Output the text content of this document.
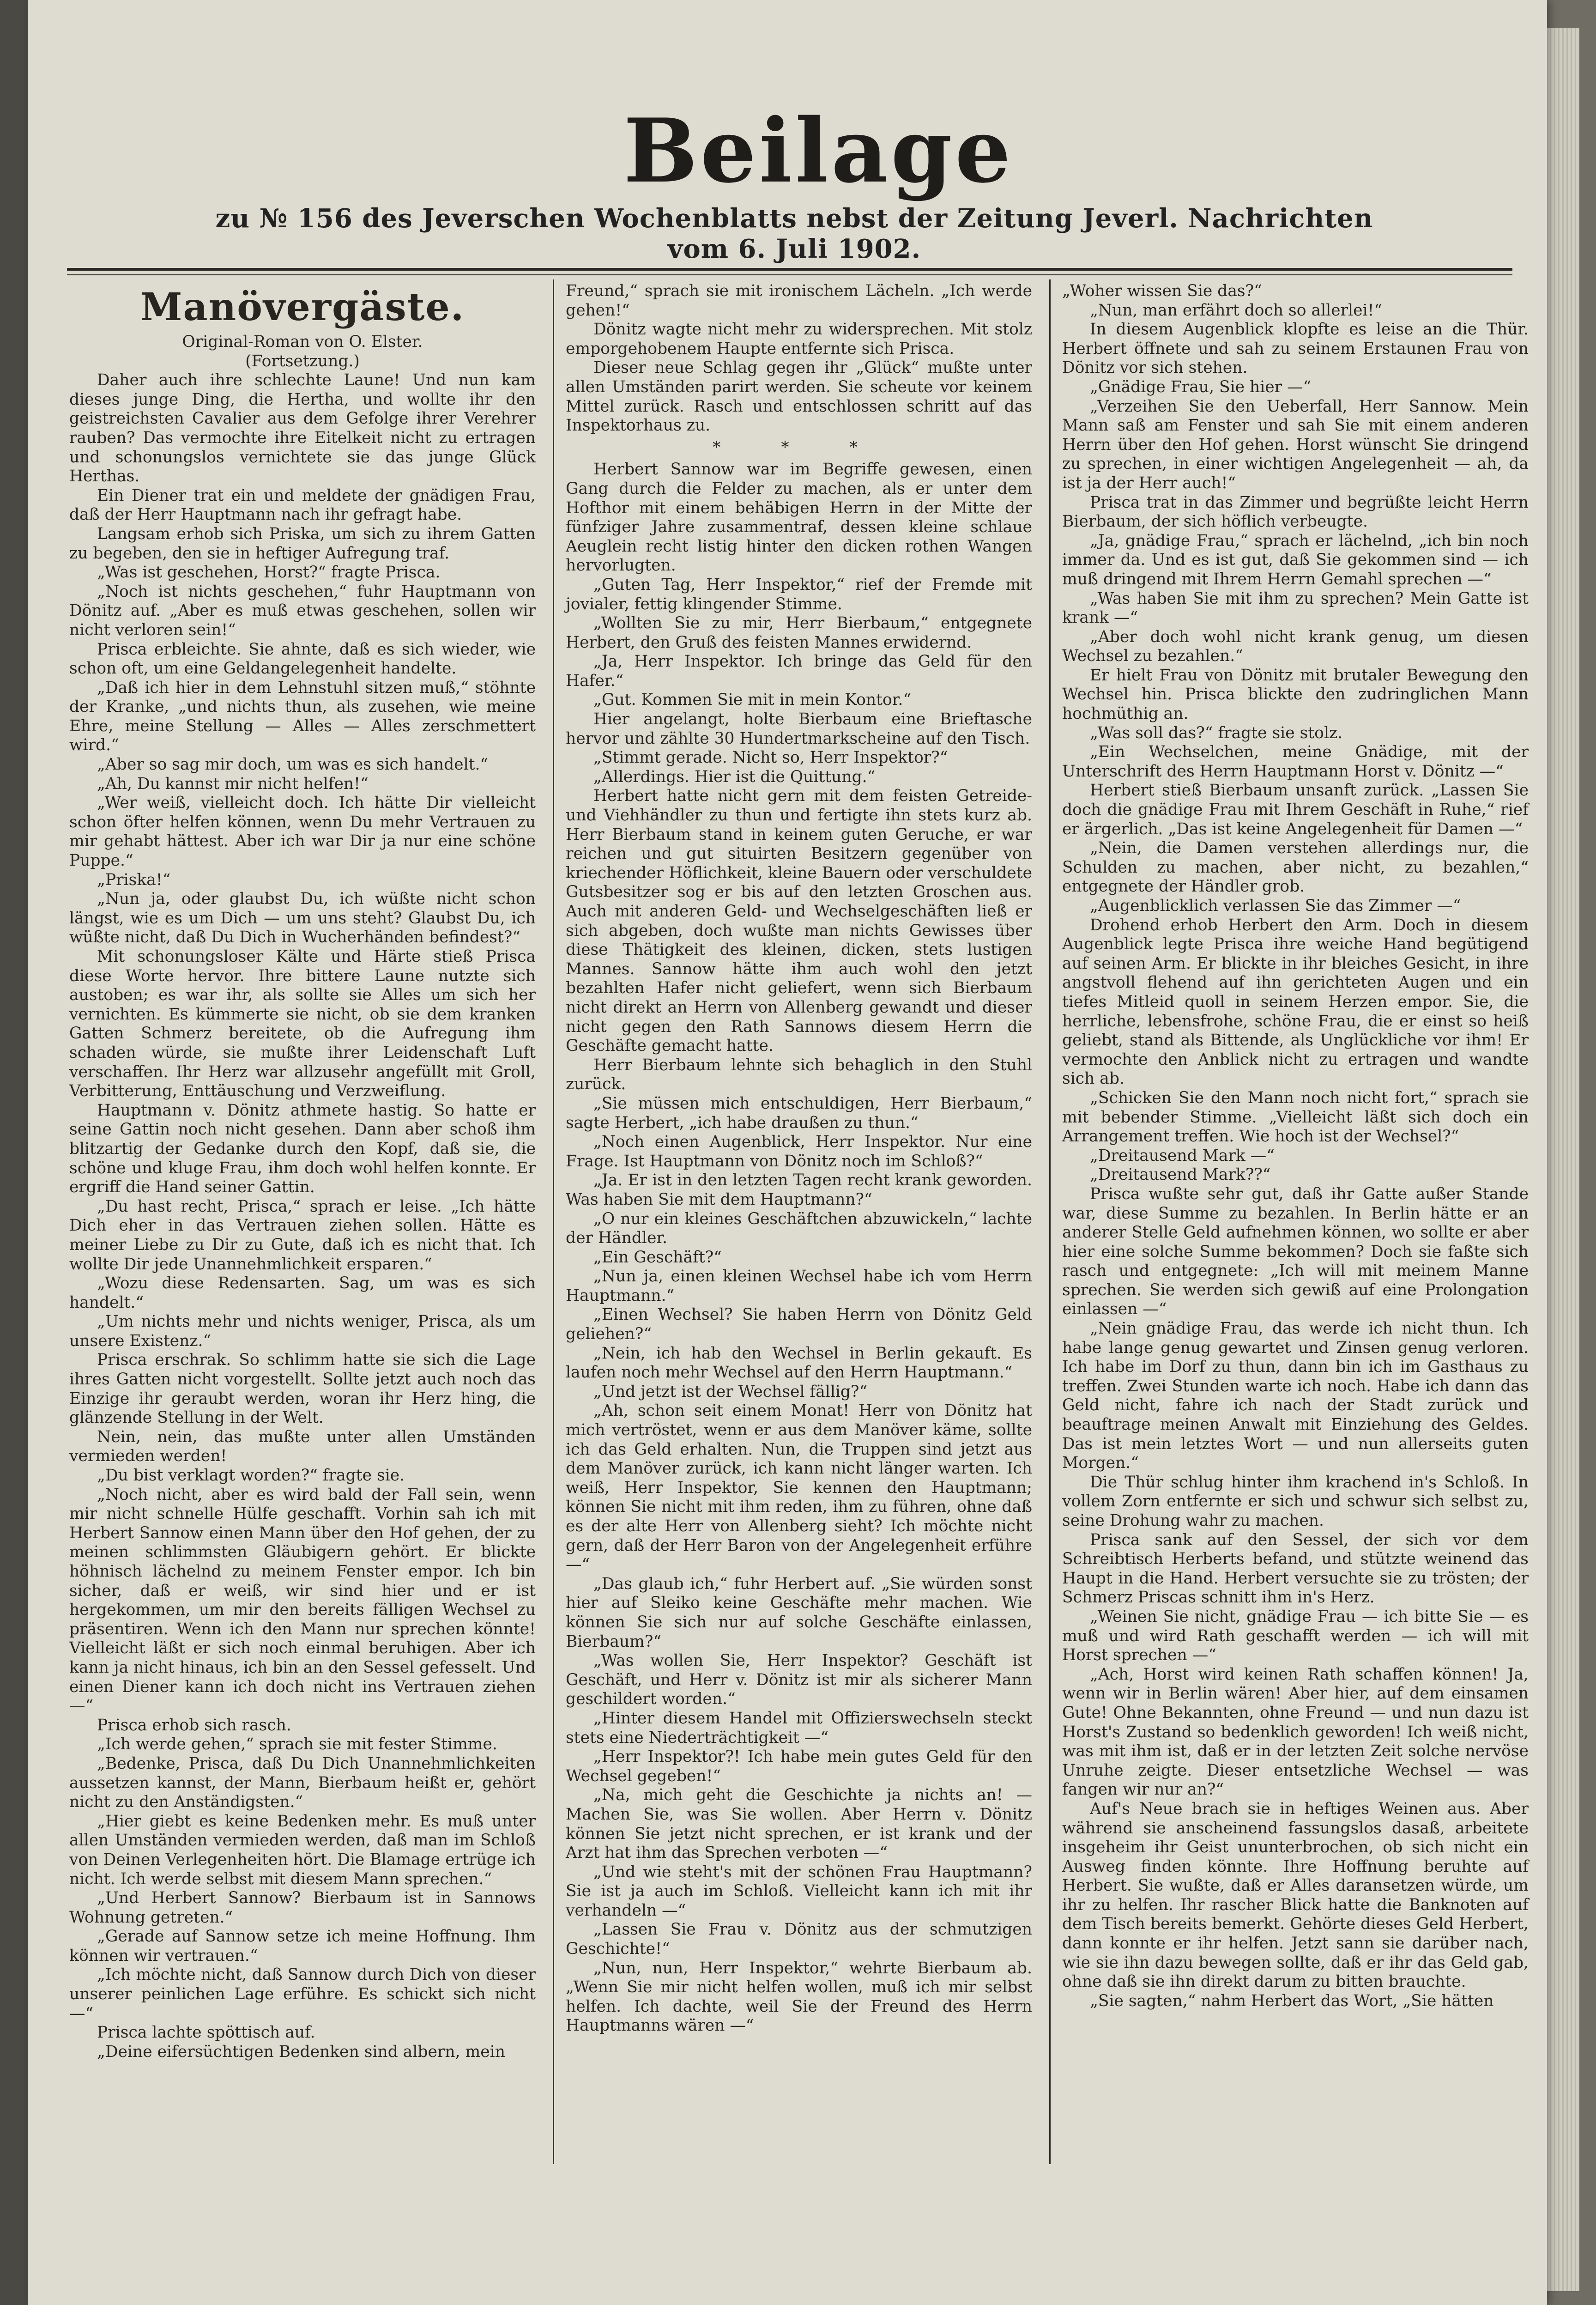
Beilage
zu № 156 des Jeverschen Wochenblatts nebst der Zeitung Jeverl. Nachrichten vom 6. Juli 1902.

Manövergäste.

Original-Roman von O. Elster.

(Fortsetzung.)

Daher auch ihre schlechte Laune! Und nun kam dieses junge Ding, die Hertha, und wollte ihr den geistreichsten Cavalier aus dem Gefolge ihrer Verehrer rauben? Das vermochte ihre Eitelkeit nicht zu ertragen und schonungslos vernichtete sie das junge Glück Herthas.

Ein Diener trat ein und meldete der gnädigen Frau, daß der Herr Hauptmann nach ihr gefragt habe.

Langsam erhob sich Priska, um sich zu ihrem Gatten zu begeben, den sie in heftiger Aufregung traf.

„Was ist geschehen, Horst?“ fragte Prisca.

„Noch ist nichts geschehen,“ fuhr Hauptmann von Dönitz auf. „Aber es muß etwas geschehen, sollen wir nicht verloren sein!“

Prisca erbleichte. Sie ahnte, daß es sich wieder, wie schon oft, um eine Geldangelegenheit handelte.

„Daß ich hier in dem Lehnstuhl sitzen muß,“ stöhnte der Kranke, „und nichts thun, als zusehen, wie meine Ehre, meine Stellung — Alles — Alles zerschmettert wird.“

„Aber so sag mir doch, um was es sich handelt.“

„Ah, Du kannst mir nicht helfen!“

„Wer weiß, vielleicht doch. Ich hätte Dir vielleicht schon öfter helfen können, wenn Du mehr Vertrauen zu mir gehabt hättest. Aber ich war Dir ja nur eine schöne Puppe.“

„Priska!“

„Nun ja, oder glaubst Du, ich wüßte nicht schon längst, wie es um Dich — um uns steht? Glaubst Du, ich wüßte nicht, daß Du Dich in Wucherhänden befindest?“

Mit schonungsloser Kälte und Härte stieß Prisca diese Worte hervor. Ihre bittere Laune nutzte sich austoben; es war ihr, als sollte sie Alles um sich her vernichten. Es kümmerte sie nicht, ob sie dem kranken Gatten Schmerz bereitete, ob die Aufregung ihm schaden würde, sie mußte ihrer Leidenschaft Luft verschaffen. Ihr Herz war allzusehr angefüllt mit Groll, Verbitterung, Enttäuschung und Verzweiflung.

Hauptmann v. Dönitz athmete hastig. So hatte er seine Gattin noch nicht gesehen. Dann aber schoß ihm blitzartig der Gedanke durch den Kopf, daß sie, die schöne und kluge Frau, ihm doch wohl helfen konnte. Er ergriff die Hand seiner Gattin.

„Du hast recht, Prisca,“ sprach er leise. „Ich hätte Dich eher in das Vertrauen ziehen sollen. Hätte es meiner Liebe zu Dir zu Gute, daß ich es nicht that. Ich wollte Dir jede Unannehmlichkeit ersparen.“

„Wozu diese Redensarten. Sag, um was es sich handelt.“

„Um nichts mehr und nichts weniger, Prisca, als um unsere Existenz.“

Prisca erschrak. So schlimm hatte sie sich die Lage ihres Gatten nicht vorgestellt. Sollte jetzt auch noch das Einzige ihr geraubt werden, woran ihr Herz hing, die glänzende Stellung in der Welt.

Nein, nein, das mußte unter allen Umständen vermieden werden!

„Du bist verklagt worden?“ fragte sie.

„Noch nicht, aber es wird bald der Fall sein, wenn mir nicht schnelle Hülfe geschafft. Vorhin sah ich mit Herbert Sannow einen Mann über den Hof gehen, der zu meinen schlimmsten Gläubigern gehört. Er blickte höhnisch lächelnd zu meinem Fenster empor. Ich bin sicher, daß er weiß, wir sind hier und er ist hergekommen, um mir den bereits fälligen Wechsel zu präsentiren. Wenn ich den Mann nur sprechen könnte! Vielleicht läßt er sich noch einmal beruhigen. Aber ich kann ja nicht hinaus, ich bin an den Sessel gefesselt. Und einen Diener kann ich doch nicht ins Vertrauen ziehen —“

Prisca erhob sich rasch.

„Ich werde gehen,“ sprach sie mit fester Stimme.

„Bedenke, Prisca, daß Du Dich Unannehmlichkeiten aussetzen kannst, der Mann, Bierbaum heißt er, gehört nicht zu den Anständigsten.“

„Hier giebt es keine Bedenken mehr. Es muß unter allen Umständen vermieden werden, daß man im Schloß von Deinen Verlegenheiten hört. Die Blamage ertrüge ich nicht. Ich werde selbst mit diesem Mann sprechen.“

„Und Herbert Sannow? Bierbaum ist in Sannows Wohnung getreten.“

„Gerade auf Sannow setze ich meine Hoffnung. Ihm können wir vertrauen.“

„Ich möchte nicht, daß Sannow durch Dich von dieser unserer peinlichen Lage erführe. Es schickt sich nicht —“

Prisca lachte spöttisch auf.

„Deine eifersüchtigen Bedenken sind albern, mein

Freund,“ sprach sie mit ironischem Lächeln. „Ich werde gehen!“

Dönitz wagte nicht mehr zu widersprechen. Mit stolz emporgehobenem Haupte entfernte sich Prisca.

Dieser neue Schlag gegen ihr „Glück“ mußte unter allen Umständen parirt werden. Sie scheute vor keinem Mittel zurück. Rasch und entschlossen schritt auf das Inspektorhaus zu.

* * *

Herbert Sannow war im Begriffe gewesen, einen Gang durch die Felder zu machen, als er unter dem Hofthor mit einem behäbigen Herrn in der Mitte der fünfziger Jahre zusammentraf, dessen kleine schlaue Aeuglein recht listig hinter den dicken rothen Wangen hervorlugten.

„Guten Tag, Herr Inspektor,“ rief der Fremde mit jovialer, fettig klingender Stimme.

„Wollten Sie zu mir, Herr Bierbaum,“ entgegnete Herbert, den Gruß des feisten Mannes erwidernd.

„Ja, Herr Inspektor. Ich bringe das Geld für den Hafer.“

„Gut. Kommen Sie mit in mein Kontor.“

Hier angelangt, holte Bierbaum eine Brieftasche hervor und zählte 30 Hundertmarkscheine auf den Tisch.

„Stimmt gerade. Nicht so, Herr Inspektor?“

„Allerdings. Hier ist die Quittung.“

Herbert hatte nicht gern mit dem feisten Getreide- und Viehhändler zu thun und fertigte ihn stets kurz ab. Herr Bierbaum stand in keinem guten Geruche, er war reichen und gut situirten Besitzern gegenüber von kriechender Höflichkeit, kleine Bauern oder verschuldete Gutsbesitzer sog er bis auf den letzten Groschen aus. Auch mit anderen Geld- und Wechselgeschäften ließ er sich abgeben, doch wußte man nichts Gewisses über diese Thätigkeit des kleinen, dicken, stets lustigen Mannes. Sannow hätte ihm auch wohl den jetzt bezahlten Hafer nicht geliefert, wenn sich Bierbaum nicht direkt an Herrn von Allenberg gewandt und dieser nicht gegen den Rath Sannows diesem Herrn die Geschäfte gemacht hatte.

Herr Bierbaum lehnte sich behaglich in den Stuhl zurück.

„Sie müssen mich entschuldigen, Herr Bierbaum,“ sagte Herbert, „ich habe draußen zu thun.“

„Noch einen Augenblick, Herr Inspektor. Nur eine Frage. Ist Hauptmann von Dönitz noch im Schloß?“

„Ja. Er ist in den letzten Tagen recht krank geworden. Was haben Sie mit dem Hauptmann?“

„O nur ein kleines Geschäftchen abzuwickeln,“ lachte der Händler.

„Ein Geschäft?“

„Nun ja, einen kleinen Wechsel habe ich vom Herrn Hauptmann.“

„Einen Wechsel? Sie haben Herrn von Dönitz Geld geliehen?“

„Nein, ich hab den Wechsel in Berlin gekauft. Es laufen noch mehr Wechsel auf den Herrn Hauptmann.“

„Und jetzt ist der Wechsel fällig?“

„Ah, schon seit einem Monat! Herr von Dönitz hat mich vertröstet, wenn er aus dem Manöver käme, sollte ich das Geld erhalten. Nun, die Truppen sind jetzt aus dem Manöver zurück, ich kann nicht länger warten. Ich weiß, Herr Inspektor, Sie kennen den Hauptmann; können Sie nicht mit ihm reden, ihm zu führen, ohne daß es der alte Herr von Allenberg sieht? Ich möchte nicht gern, daß der Herr Baron von der Angelegenheit erführe —“

„Das glaub ich,“ fuhr Herbert auf. „Sie würden sonst hier auf Sleiko keine Geschäfte mehr machen. Wie können Sie sich nur auf solche Geschäfte einlassen, Bierbaum?“

„Was wollen Sie, Herr Inspektor? Geschäft ist Geschäft, und Herr v. Dönitz ist mir als sicherer Mann geschildert worden.“

„Hinter diesem Handel mit Offizierswechseln steckt stets eine Niederträchtigkeit —“

„Herr Inspektor?! Ich habe mein gutes Geld für den Wechsel gegeben!“

„Na, mich geht die Geschichte ja nichts an! — Machen Sie, was Sie wollen. Aber Herrn v. Dönitz können Sie jetzt nicht sprechen, er ist krank und der Arzt hat ihm das Sprechen verboten —“

„Und wie steht's mit der schönen Frau Hauptmann? Sie ist ja auch im Schloß. Vielleicht kann ich mit ihr verhandeln —“

„Lassen Sie Frau v. Dönitz aus der schmutzigen Geschichte!“

„Nun, nun, Herr Inspektor,“ wehrte Bierbaum ab. „Wenn Sie mir nicht helfen wollen, muß ich mir selbst helfen. Ich dachte, weil Sie der Freund des Herrn Hauptmanns wären —“

„Woher wissen Sie das?“

„Nun, man erfährt doch so allerlei!“

In diesem Augenblick klopfte es leise an die Thür. Herbert öffnete und sah zu seinem Erstaunen Frau von Dönitz vor sich stehen.

„Gnädige Frau, Sie hier —“

„Verzeihen Sie den Ueberfall, Herr Sannow. Mein Mann saß am Fenster und sah Sie mit einem anderen Herrn über den Hof gehen. Horst wünscht Sie dringend zu sprechen, in einer wichtigen Angelegenheit — ah, da ist ja der Herr auch!“

Prisca trat in das Zimmer und begrüßte leicht Herrn Bierbaum, der sich höflich verbeugte.

„Ja, gnädige Frau,“ sprach er lächelnd, „ich bin noch immer da. Und es ist gut, daß Sie gekommen sind — ich muß dringend mit Ihrem Herrn Gemahl sprechen —“

„Was haben Sie mit ihm zu sprechen? Mein Gatte ist krank —“

„Aber doch wohl nicht krank genug, um diesen Wechsel zu bezahlen.“

Er hielt Frau von Dönitz mit brutaler Bewegung den Wechsel hin. Prisca blickte den zudringlichen Mann hochmüthig an.

„Was soll das?“ fragte sie stolz.

„Ein Wechselchen, meine Gnädige, mit der Unterschrift des Herrn Hauptmann Horst v. Dönitz —“

Herbert stieß Bierbaum unsanft zurück. „Lassen Sie doch die gnädige Frau mit Ihrem Geschäft in Ruhe,“ rief er ärgerlich. „Das ist keine Angelegenheit für Damen —“

„Nein, die Damen verstehen allerdings nur, die Schulden zu machen, aber nicht, zu bezahlen,“ entgegnete der Händler grob.

„Augenblicklich verlassen Sie das Zimmer —“

Drohend erhob Herbert den Arm. Doch in diesem Augenblick legte Prisca ihre weiche Hand begütigend auf seinen Arm. Er blickte in ihr bleiches Gesicht, in ihre angstvoll flehend auf ihn gerichteten Augen und ein tiefes Mitleid quoll in seinem Herzen empor. Sie, die herrliche, lebensfrohe, schöne Frau, die er einst so heiß geliebt, stand als Bittende, als Unglückliche vor ihm! Er vermochte den Anblick nicht zu ertragen und wandte sich ab.

„Schicken Sie den Mann noch nicht fort,“ sprach sie mit bebender Stimme. „Vielleicht läßt sich doch ein Arrangement treffen. Wie hoch ist der Wechsel?“

„Dreitausend Mark —“

„Dreitausend Mark??“

Prisca wußte sehr gut, daß ihr Gatte außer Stande war, diese Summe zu bezahlen. In Berlin hätte er an anderer Stelle Geld aufnehmen können, wo sollte er aber hier eine solche Summe bekommen? Doch sie faßte sich rasch und entgegnete: „Ich will mit meinem Manne sprechen. Sie werden sich gewiß auf eine Prolongation einlassen —“

„Nein gnädige Frau, das werde ich nicht thun. Ich habe lange genug gewartet und Zinsen genug verloren. Ich habe im Dorf zu thun, dann bin ich im Gasthaus zu treffen. Zwei Stunden warte ich noch. Habe ich dann das Geld nicht, fahre ich nach der Stadt zurück und beauftrage meinen Anwalt mit Einziehung des Geldes. Das ist mein letztes Wort — und nun allerseits guten Morgen.“

Die Thür schlug hinter ihm krachend in's Schloß. In vollem Zorn entfernte er sich und schwur sich selbst zu, seine Drohung wahr zu machen.

Prisca sank auf den Sessel, der sich vor dem Schreibtisch Herberts befand, und stützte weinend das Haupt in die Hand. Herbert versuchte sie zu trösten; der Schmerz Priscas schnitt ihm in's Herz.

„Weinen Sie nicht, gnädige Frau — ich bitte Sie — es muß und wird Rath geschafft werden — ich will mit Horst sprechen —“

„Ach, Horst wird keinen Rath schaffen können! Ja, wenn wir in Berlin wären! Aber hier, auf dem einsamen Gute! Ohne Bekannten, ohne Freund — und nun dazu ist Horst's Zustand so bedenklich geworden! Ich weiß nicht, was mit ihm ist, daß er in der letzten Zeit solche nervöse Unruhe zeigte. Dieser entsetzliche Wechsel — was fangen wir nur an?“

Auf's Neue brach sie in heftiges Weinen aus. Aber während sie anscheinend fassungslos dasaß, arbeitete insgeheim ihr Geist ununterbrochen, ob sich nicht ein Ausweg finden könnte. Ihre Hoffnung beruhte auf Herbert. Sie wußte, daß er Alles daransetzen würde, um ihr zu helfen. Ihr rascher Blick hatte die Banknoten auf dem Tisch bereits bemerkt. Gehörte dieses Geld Herbert, dann konnte er ihr helfen. Jetzt sann sie darüber nach, wie sie ihn dazu bewegen sollte, daß er ihr das Geld gab, ohne daß sie ihn direkt darum zu bitten brauchte.

„Sie sagten,“ nahm Herbert das Wort, „Sie hätten
